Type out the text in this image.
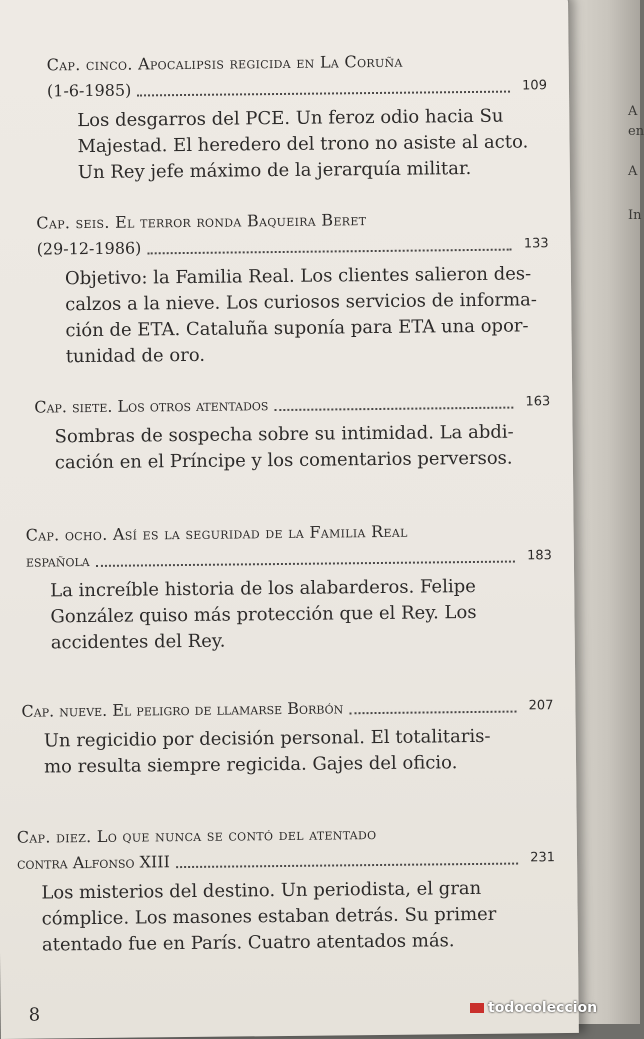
A
en
A
In
Cap. cinco. Apocalipsis regicida en La Coruña
(1-6-1985)	109
Los desgarros del PCE. Un feroz odio hacia Su
Majestad. El heredero del trono no asiste al acto.
Un Rey jefe máximo de la jerarquía militar.
Cap. seis. El terror ronda Baqueira Beret
(29-12-1986)	133
Objetivo: la Familia Real. Los clientes salieron des-
calzos a la nieve. Los curiosos servicios de informa-
ción de ETA. Cataluña suponía para ETA una opor-
tunidad de oro.
Cap. siete. Los otros atentados	163
Sombras de sospecha sobre su intimidad. La abdi-
cación en el Príncipe y los comentarios perversos.
Cap. ocho. Así es la seguridad de la Familia Real
española	183
La increíble historia de los alabarderos. Felipe
González quiso más protección que el Rey. Los
accidentes del Rey.
Cap. nueve. El peligro de llamarse Borbón	207
Un regicidio por decisión personal. El totalitaris-
mo resulta siempre regicida. Gajes del oficio.
Cap. diez. Lo que nunca se contó del atentado
contra Alfonso XIII	231
Los misterios del destino. Un periodista, el gran
cómplice. Los masones estaban detrás. Su primer
atentado fue en París. Cuatro atentados más.
8	todocoleccion
